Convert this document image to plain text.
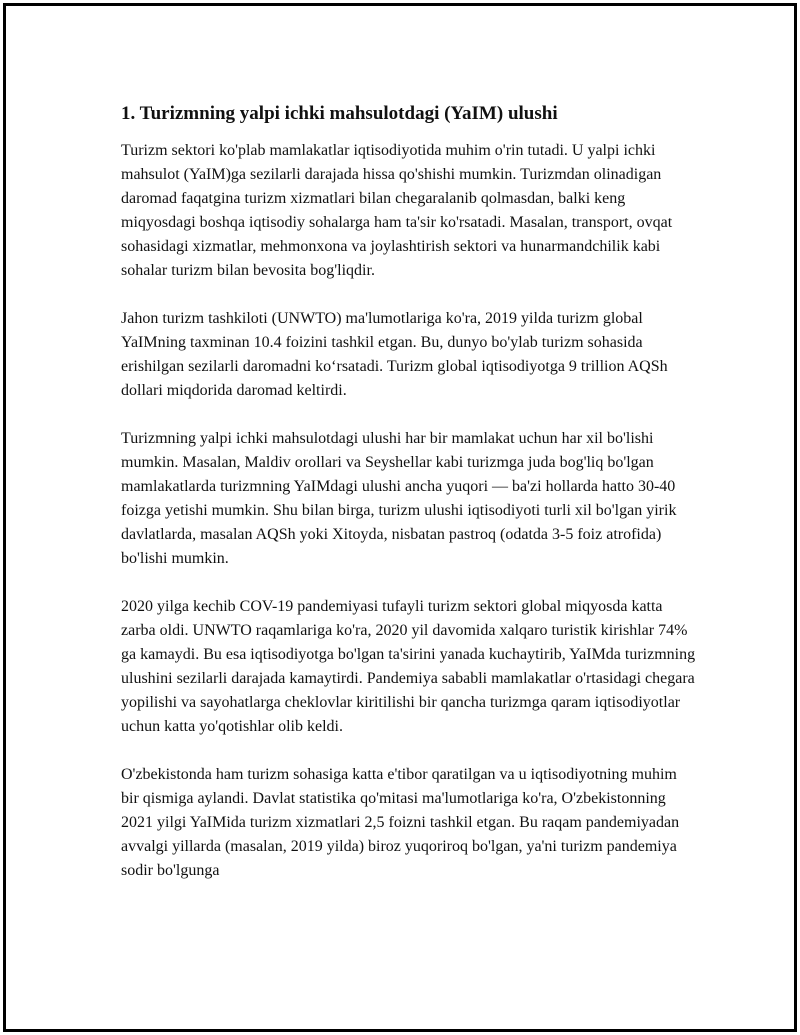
1. Turizmning yalpi ichki mahsulotdagi (YaIM) ulushi

Turizm sektori ko'plab mamlakatlar iqtisodiyotida muhim o'rin tutadi. U yalpi ichki mahsulot (YaIM)ga sezilarli darajada hissa qo'shishi mumkin. Turizmdan olinadigan daromad faqatgina turizm xizmatlari bilan chegaralanib qolmasdan, balki keng miqyosdagi boshqa iqtisodiy sohalarga ham ta'sir ko'rsatadi. Masalan, transport, ovqat sohasidagi xizmatlar, mehmonxona va joylashtirish sektori va hunarmandchilik kabi sohalar turizm bilan bevosita bog'liqdir.

Jahon turizm tashkiloti (UNWTO) ma'lumotlariga ko'ra, 2019 yilda turizm global YaIMning taxminan 10.4 foizini tashkil etgan. Bu, dunyo bo'ylab turizm sohasida erishilgan sezilarli daromadni ko‘rsatadi. Turizm global iqtisodiyotga 9 trillion AQSh dollari miqdorida daromad keltirdi.

Turizmning yalpi ichki mahsulotdagi ulushi har bir mamlakat uchun har xil bo'lishi mumkin. Masalan, Maldiv orollari va Seyshellar kabi turizmga juda bog'liq bo'lgan mamlakatlarda turizmning YaIMdagi ulushi ancha yuqori — ba'zi hollarda hatto 30-40 foizga yetishi mumkin. Shu bilan birga, turizm ulushi iqtisodiyoti turli xil bo'lgan yirik davlatlarda, masalan AQSh yoki Xitoyda, nisbatan pastroq (odatda 3-5 foiz atrofida) bo'lishi mumkin.

2020 yilga kechib COV-19 pandemiyasi tufayli turizm sektori global miqyosda katta zarba oldi. UNWTO raqamlariga ko'ra, 2020 yil davomida xalqaro turistik kirishlar 74% ga kamaydi. Bu esa iqtisodiyotga bo'lgan ta'sirini yanada kuchaytirib, YaIMda turizmning ulushini sezilarli darajada kamaytirdi. Pandemiya sababli mamlakatlar o'rtasidagi chegara yopilishi va sayohatlarga cheklovlar kiritilishi bir qancha turizmga qaram iqtisodiyotlar uchun katta yo'qotishlar olib keldi.

O'zbekistonda ham turizm sohasiga katta e'tibor qaratilgan va u iqtisodiyotning muhim bir qismiga aylandi. Davlat statistika qo'mitasi ma'lumotlariga ko'ra, O'zbekistonning 2021 yilgi YaIMida turizm xizmatlari 2,5 foizni tashkil etgan. Bu raqam pandemiyadan avvalgi yillarda (masalan, 2019 yilda) biroz yuqoriroq bo'lgan, ya'ni turizm pandemiya sodir bo'lgunga
